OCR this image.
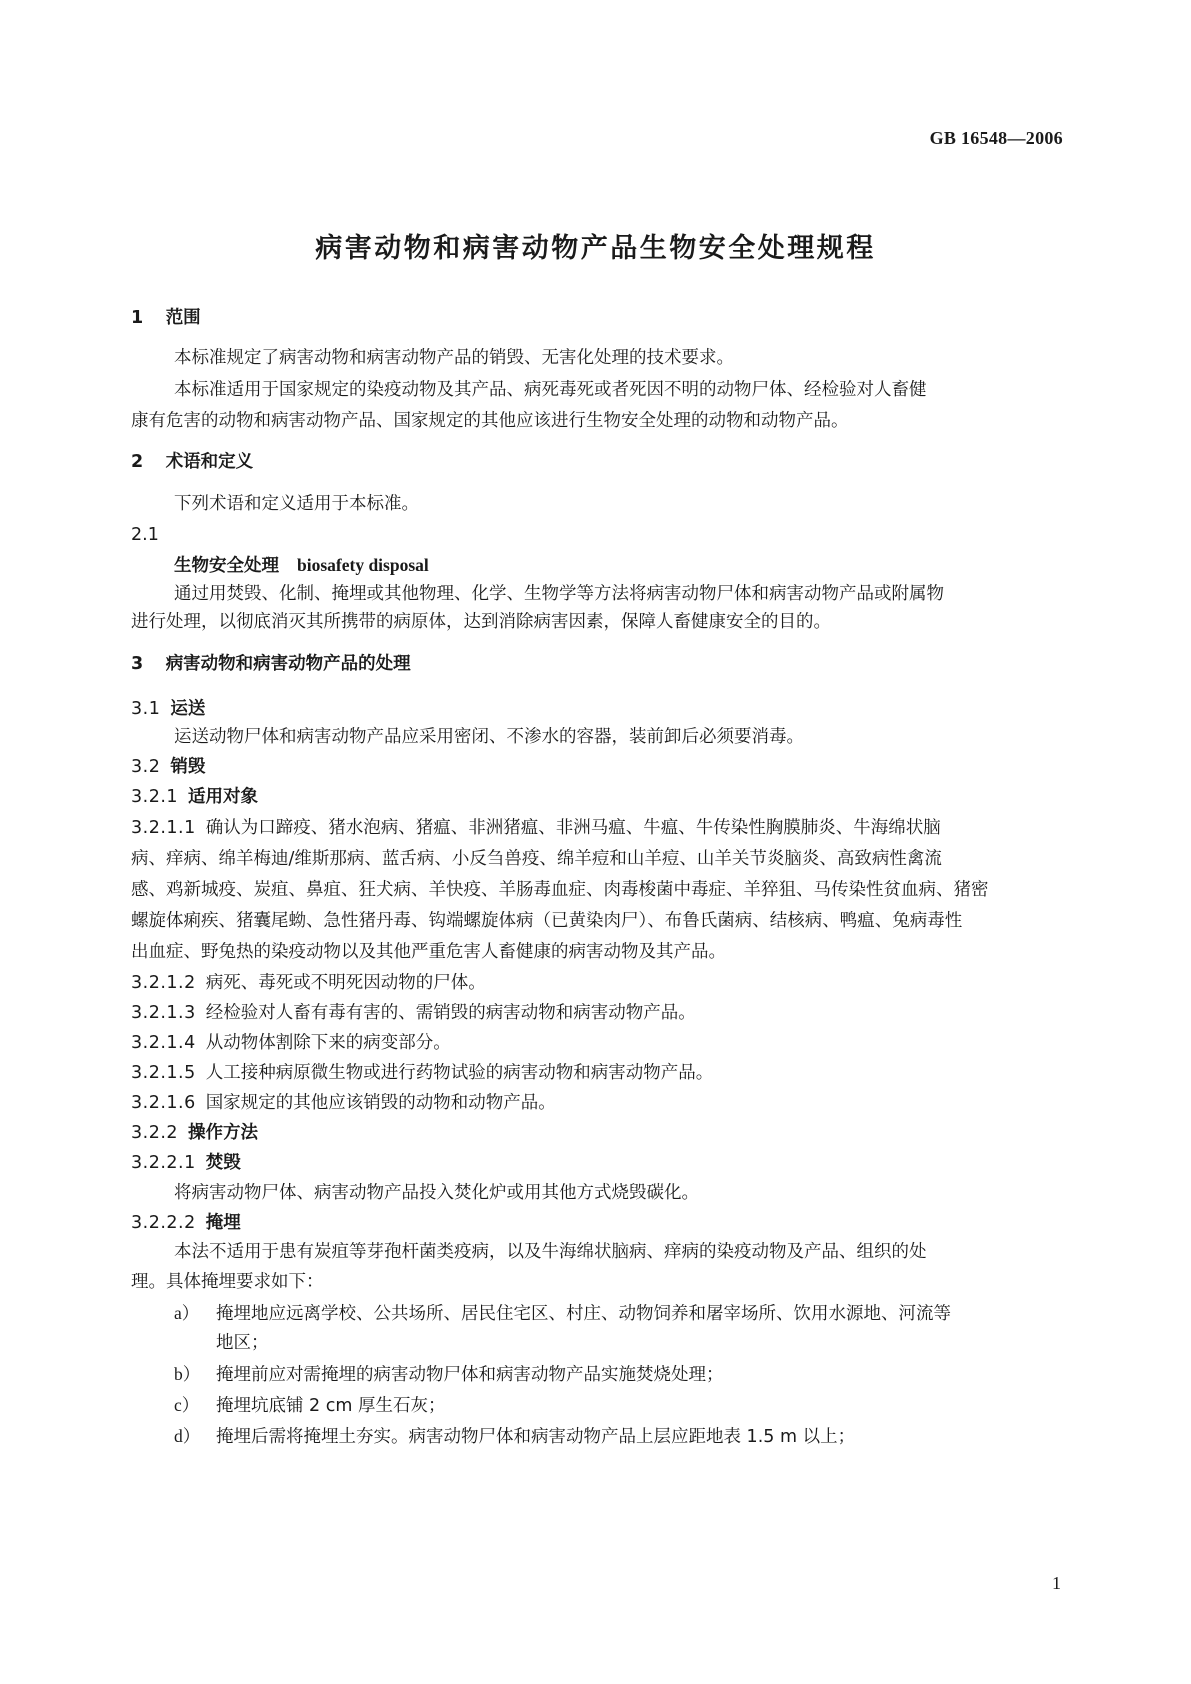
GB 16548—2006
病害动物和病害动物产品生物安全处理规程
1 范围
本标准规定了病害动物和病害动物产品的销毁、无害化处理的技术要求。
本标准适用于国家规定的染疫动物及其产品、病死毒死或者死因不明的动物尸体、经检验对人畜健
康有危害的动物和病害动物产品、国家规定的其他应该进行生物安全处理的动物和动物产品。
2 术语和定义
下列术语和定义适用于本标准。
2.1
生物安全处理 biosafety disposal
通过用焚毁、化制、掩埋或其他物理、化学、生物学等方法将病害动物尸体和病害动物产品或附属物
进行处理，以彻底消灭其所携带的病原体，达到消除病害因素，保障人畜健康安全的目的。
3 病害动物和病害动物产品的处理
3.1 运送
运送动物尸体和病害动物产品应采用密闭、不渗水的容器，装前卸后必须要消毒。
3.2 销毁
3.2.1 适用对象
3.2.1.1 确认为口蹄疫、猪水泡病、猪瘟、非洲猪瘟、非洲马瘟、牛瘟、牛传染性胸膜肺炎、牛海绵状脑
病、痒病、绵羊梅迪/维斯那病、蓝舌病、小反刍兽疫、绵羊痘和山羊痘、山羊关节炎脑炎、高致病性禽流
感、鸡新城疫、炭疽、鼻疽、狂犬病、羊快疫、羊肠毒血症、肉毒梭菌中毒症、羊猝狙、马传染性贫血病、猪密
螺旋体痢疾、猪囊尾蚴、急性猪丹毒、钩端螺旋体病（已黄染肉尸）、布鲁氏菌病、结核病、鸭瘟、兔病毒性
出血症、野兔热的染疫动物以及其他严重危害人畜健康的病害动物及其产品。
3.2.1.2 病死、毒死或不明死因动物的尸体。
3.2.1.3 经检验对人畜有毒有害的、需销毁的病害动物和病害动物产品。
3.2.1.4 从动物体割除下来的病变部分。
3.2.1.5 人工接种病原微生物或进行药物试验的病害动物和病害动物产品。
3.2.1.6 国家规定的其他应该销毁的动物和动物产品。
3.2.2 操作方法
3.2.2.1 焚毁
将病害动物尸体、病害动物产品投入焚化炉或用其他方式烧毁碳化。
3.2.2.2 掩埋
本法不适用于患有炭疽等芽孢杆菌类疫病，以及牛海绵状脑病、痒病的染疫动物及产品、组织的处
理。具体掩埋要求如下：
a） 掩埋地应远离学校、公共场所、居民住宅区、村庄、动物饲养和屠宰场所、饮用水源地、河流等
地区；
b） 掩埋前应对需掩埋的病害动物尸体和病害动物产品实施焚烧处理；
c） 掩埋坑底铺 2 cm 厚生石灰；
d） 掩埋后需将掩埋土夯实。病害动物尸体和病害动物产品上层应距地表 1.5 m 以上；
1
